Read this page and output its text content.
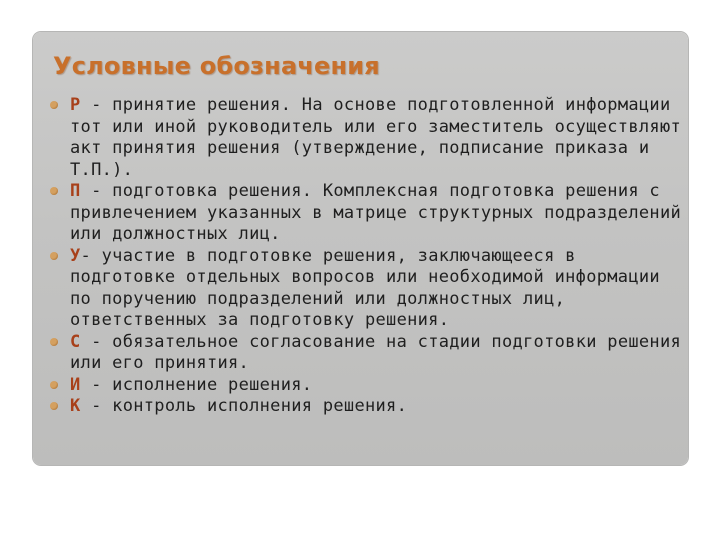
Условные обозначения
Р - принятие решения. На основе подготовленной информации тот или иной руководитель или его заместитель осуществляют акт принятия решения (утверждение, подписание приказа и Т.П.).
П - подготовка решения. Комплексная подготовка решения с привлечением указанных в матрице структурных подразделений или должностных лиц.
У- участие в подготовке решения, заключающееся в подготовке отдельных вопросов или необходимой информации по поручению подразделений или должностных лиц, ответственных за подготовку решения.
С - обязательное согласование на стадии подготовки решения или его принятия.
И - исполнение решения.
К - контроль исполнения решения.
